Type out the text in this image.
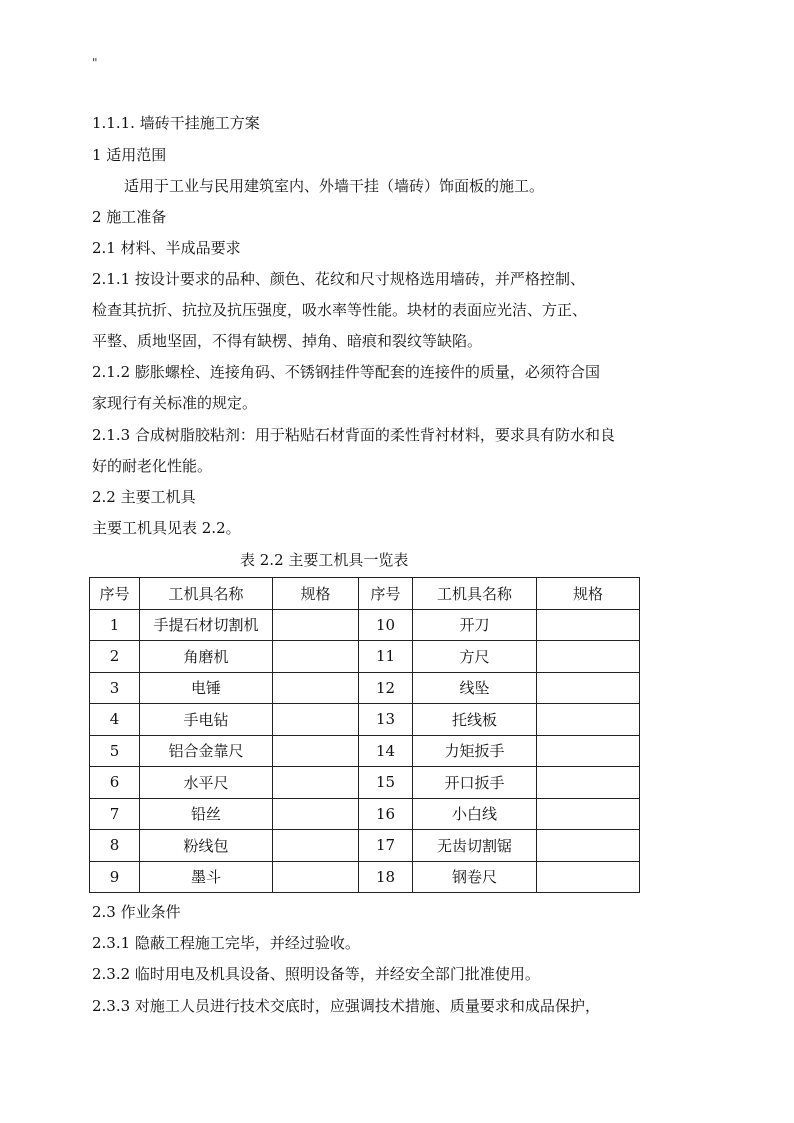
"
1.1.1. 墙砖干挂施工方案
1 适用范围
适用于工业与民用建筑室内、外墙干挂（墙砖）饰面板的施工。
2 施工准备
2.1 材料、半成品要求
2.1.1 按设计要求的品种、颜色、花纹和尺寸规格选用墙砖，并严格控制、
检查其抗折、抗拉及抗压强度，吸水率等性能。块材的表面应光洁、方正、
平整、质地坚固，不得有缺楞、掉角、暗痕和裂纹等缺陷。
2.1.2 膨胀螺栓、连接角码、不锈钢挂件等配套的连接件的质量，必须符合国
家现行有关标准的规定。
2.1.3 合成树脂胶粘剂：用于粘贴石材背面的柔性背衬材料，要求具有防水和良
好的耐老化性能。
2.2 主要工机具
主要工机具见表 2.2。
表 2.2 主要工机具一览表
序号	工机具名称	规格	序号	工机具名称	规格
1	手提石材切割机		10	开刀	
2	角磨机		11	方尺	
3	电锤		12	线坠	
4	手电钻		13	托线板	
5	铝合金靠尺		14	力矩扳手	
6	水平尺		15	开口扳手	
7	铅丝		16	小白线	
8	粉线包		17	无齿切割锯	
9	墨斗		18	钢卷尺	
2.3 作业条件
2.3.1 隐蔽工程施工完毕，并经过验收。
2.3.2 临时用电及机具设备、照明设备等，并经安全部门批准使用。
2.3.3 对施工人员进行技术交底时，应强调技术措施、质量要求和成品保护，
